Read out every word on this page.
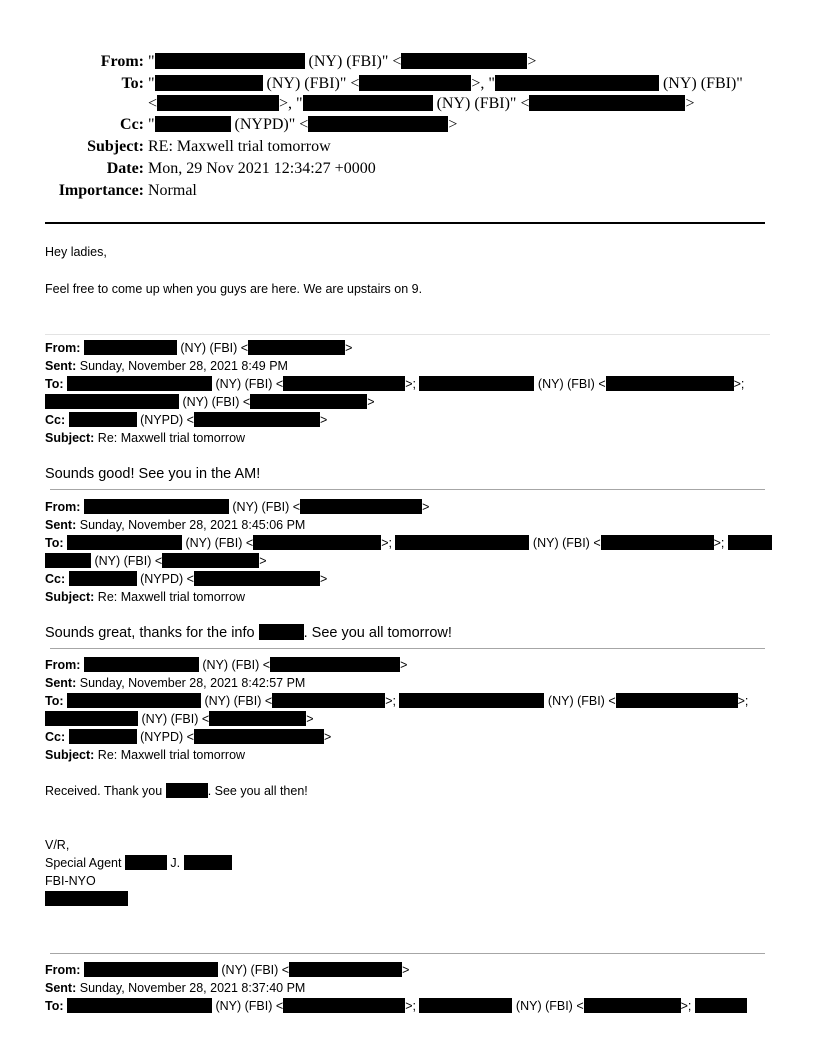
From: "	(NY) (FBI)" <	>
To: "	(NY) (FBI)" <	>, "	(NY) (FBI)"
<	>, "	(NY) (FBI)" <	>
Cc: "	(NYPD)" <	>
Subject: RE: Maxwell trial tomorrow
Date: Mon, 29 Nov 2021 12:34:27 +0000
Importance: Normal
Hey ladies,
Feel free to come up when you guys are here. We are upstairs on 9.
From:	(NY) (FBI) <	>
Sent: Sunday, November 28, 2021 8:49 PM
To:	(NY) (FBI) <	>;	(NY) (FBI) <	>;
(NY) (FBI) <	>
Cc:	(NYPD) <	>
Subject: Re: Maxwell trial tomorrow
Sounds good! See you in the AM!
From:	(NY) (FBI) <	>
Sent: Sunday, November 28, 2021 8:45:06 PM
To:	(NY) (FBI) <	>;	(NY) (FBI) <	>;
(NY) (FBI) <	>
Cc:	(NYPD) <	>
Subject: Re: Maxwell trial tomorrow
Sounds great, thanks for the info	. See you all tomorrow!
From:	(NY) (FBI) <	>
Sent: Sunday, November 28, 2021 8:42:57 PM
To:	(NY) (FBI) <	>;	(NY) (FBI) <	>;
(NY) (FBI) <	>
Cc:	(NYPD) <	>
Subject: Re: Maxwell trial tomorrow
Received. Thank you	. See you all then!
V/R,
Special Agent	J.
FBI-NYO
From:	(NY) (FBI) <	>
Sent: Sunday, November 28, 2021 8:37:40 PM
To:	(NY) (FBI) <	>;	(NY) (FBI) <	>;
